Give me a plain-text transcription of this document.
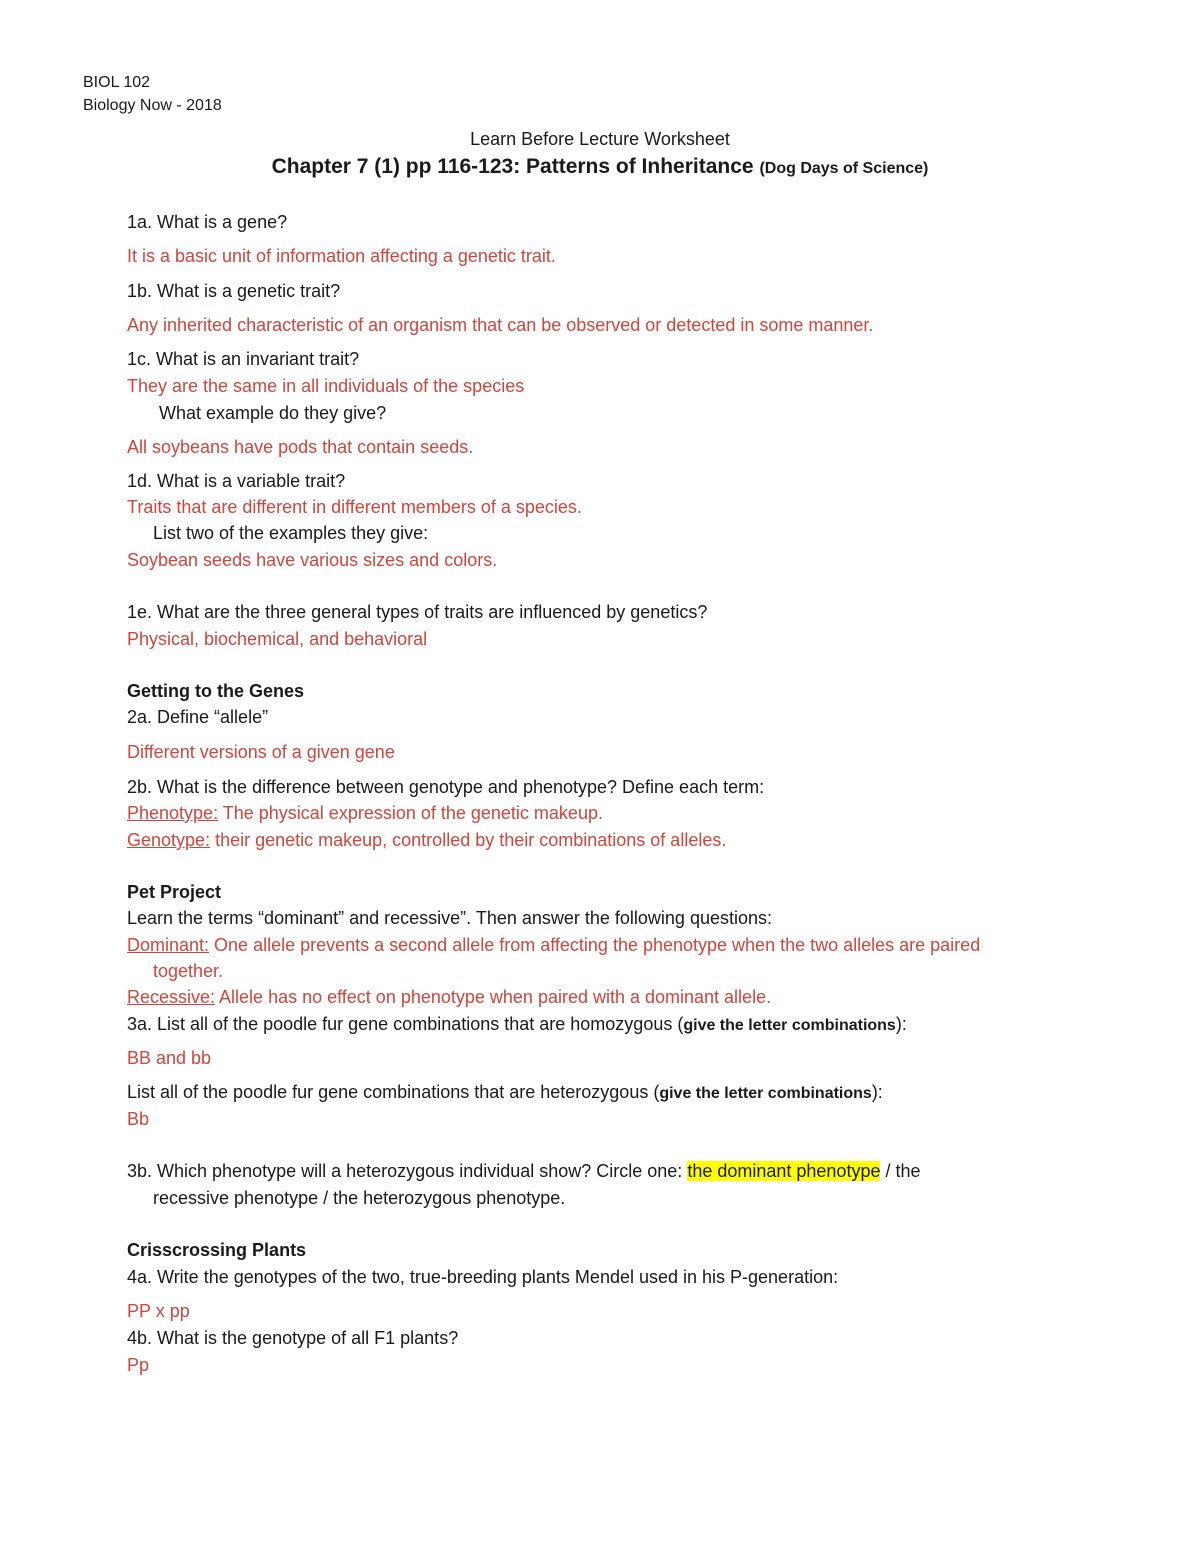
BIOL 102
Biology Now - 2018
Learn Before Lecture Worksheet
Chapter 7 (1) pp 116-123: Patterns of Inheritance (Dog Days of Science)
1a. What is a gene?
It is a basic unit of information affecting a genetic trait.
1b. What is a genetic trait?
Any inherited characteristic of an organism that can be observed or detected in some manner.
1c. What is an invariant trait?
They are the same in all individuals of the species
What example do they give?
All soybeans have pods that contain seeds.
1d. What is a variable trait?
Traits that are different in different members of a species.
List two of the examples they give:
Soybean seeds have various sizes and colors.
1e. What are the three general types of traits are influenced by genetics?
Physical, biochemical, and behavioral
Getting to the Genes
2a. Define “allele”
Different versions of a given gene
2b. What is the difference between genotype and phenotype? Define each term:
Phenotype: The physical expression of the genetic makeup.
Genotype: their genetic makeup, controlled by their combinations of alleles.
Pet Project
Learn the terms “dominant” and recessive”. Then answer the following questions:
Dominant: One allele prevents a second allele from affecting the phenotype when the two alleles are paired
together.
Recessive: Allele has no effect on phenotype when paired with a dominant allele.
3a. List all of the poodle fur gene combinations that are homozygous (give the letter combinations):
BB and bb
List all of the poodle fur gene combinations that are heterozygous (give the letter combinations):
Bb
3b. Which phenotype will a heterozygous individual show? Circle one: the dominant phenotype / the
recessive phenotype / the heterozygous phenotype.
Crisscrossing Plants
4a. Write the genotypes of the two, true-breeding plants Mendel used in his P-generation:
PP x pp
4b. What is the genotype of all F1 plants?
Pp
